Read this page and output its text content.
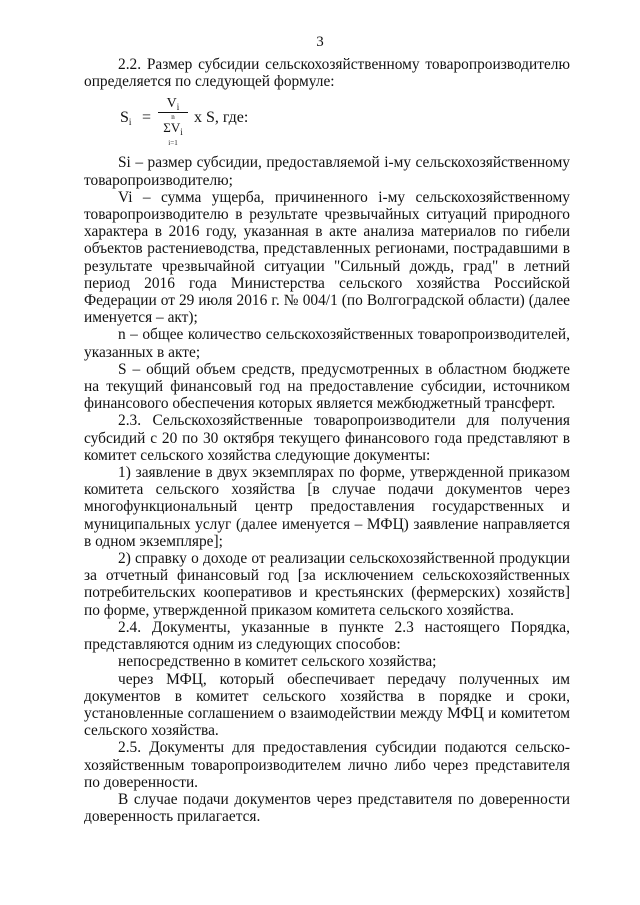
3

2.2. Размер субсидии сельскохозяйственному товаропроизводителю определяется по следующей формуле:

$S_i$ =
$V_i$
n
$\Sigma V_i$
i=1
x S, где:

Si – размер субсидии, предоставляемой i-му сельскохозяйственному товаропроизводителю;

Vi – сумма ущерба, причиненного i-му сельскохозяйственному товаропроизводителю в результате чрезвычайных ситуаций природного характера в 2016 году, указанная в акте анализа материалов по гибели объектов растениеводства, представленных регионами, пострадавшими в результате чрезвычайной ситуации "Сильный дождь, град" в летний период 2016 года Министерства сельского хозяйства Российской Федерации от 29 июля 2016 г. № 004/1 (по Волгоградской области) (далее именуется – акт);

n – общее количество сельскохозяйственных товаропроизводителей, указанных в акте;

S – общий объем средств, предусмотренных в областном бюджете на текущий финансовый год на предоставление субсидии, источником финансового обеспечения которых является межбюджетный трансферт.

2.3. Сельскохозяйственные товаропроизводители для получения субсидий с 20 по 30 октября текущего финансового года представляют в комитет сельского хозяйства следующие документы:

1) заявление в двух экземплярах по форме, утвержденной приказом комитета сельского хозяйства [в случае подачи документов через многофункциональный центр предоставления государственных и муниципальных услуг (далее именуется – МФЦ) заявление направляется в одном экземпляре];

2) справку о доходе от реализации сельскохозяйственной продукции за отчетный финансовый год [за исключением сельскохозяйственных потребительских кооперативов и крестьянских (фермерских) хозяйств] по форме, утвержденной приказом комитета сельского хозяйства.

2.4. Документы, указанные в пункте 2.3 настоящего Порядка, представляются одним из следующих способов:

непосредственно в комитет сельского хозяйства;

через МФЦ, который обеспечивает передачу полученных им документов в комитет сельского хозяйства в порядке и сроки, установленные соглашением о взаимодействии между МФЦ и комитетом сельского хозяйства.

2.5. Документы для предоставления субсидии подаются сельско-хозяйственным товаропроизводителем лично либо через представителя по доверенности.

В случае подачи документов через представителя по доверенности доверенность прилагается.
